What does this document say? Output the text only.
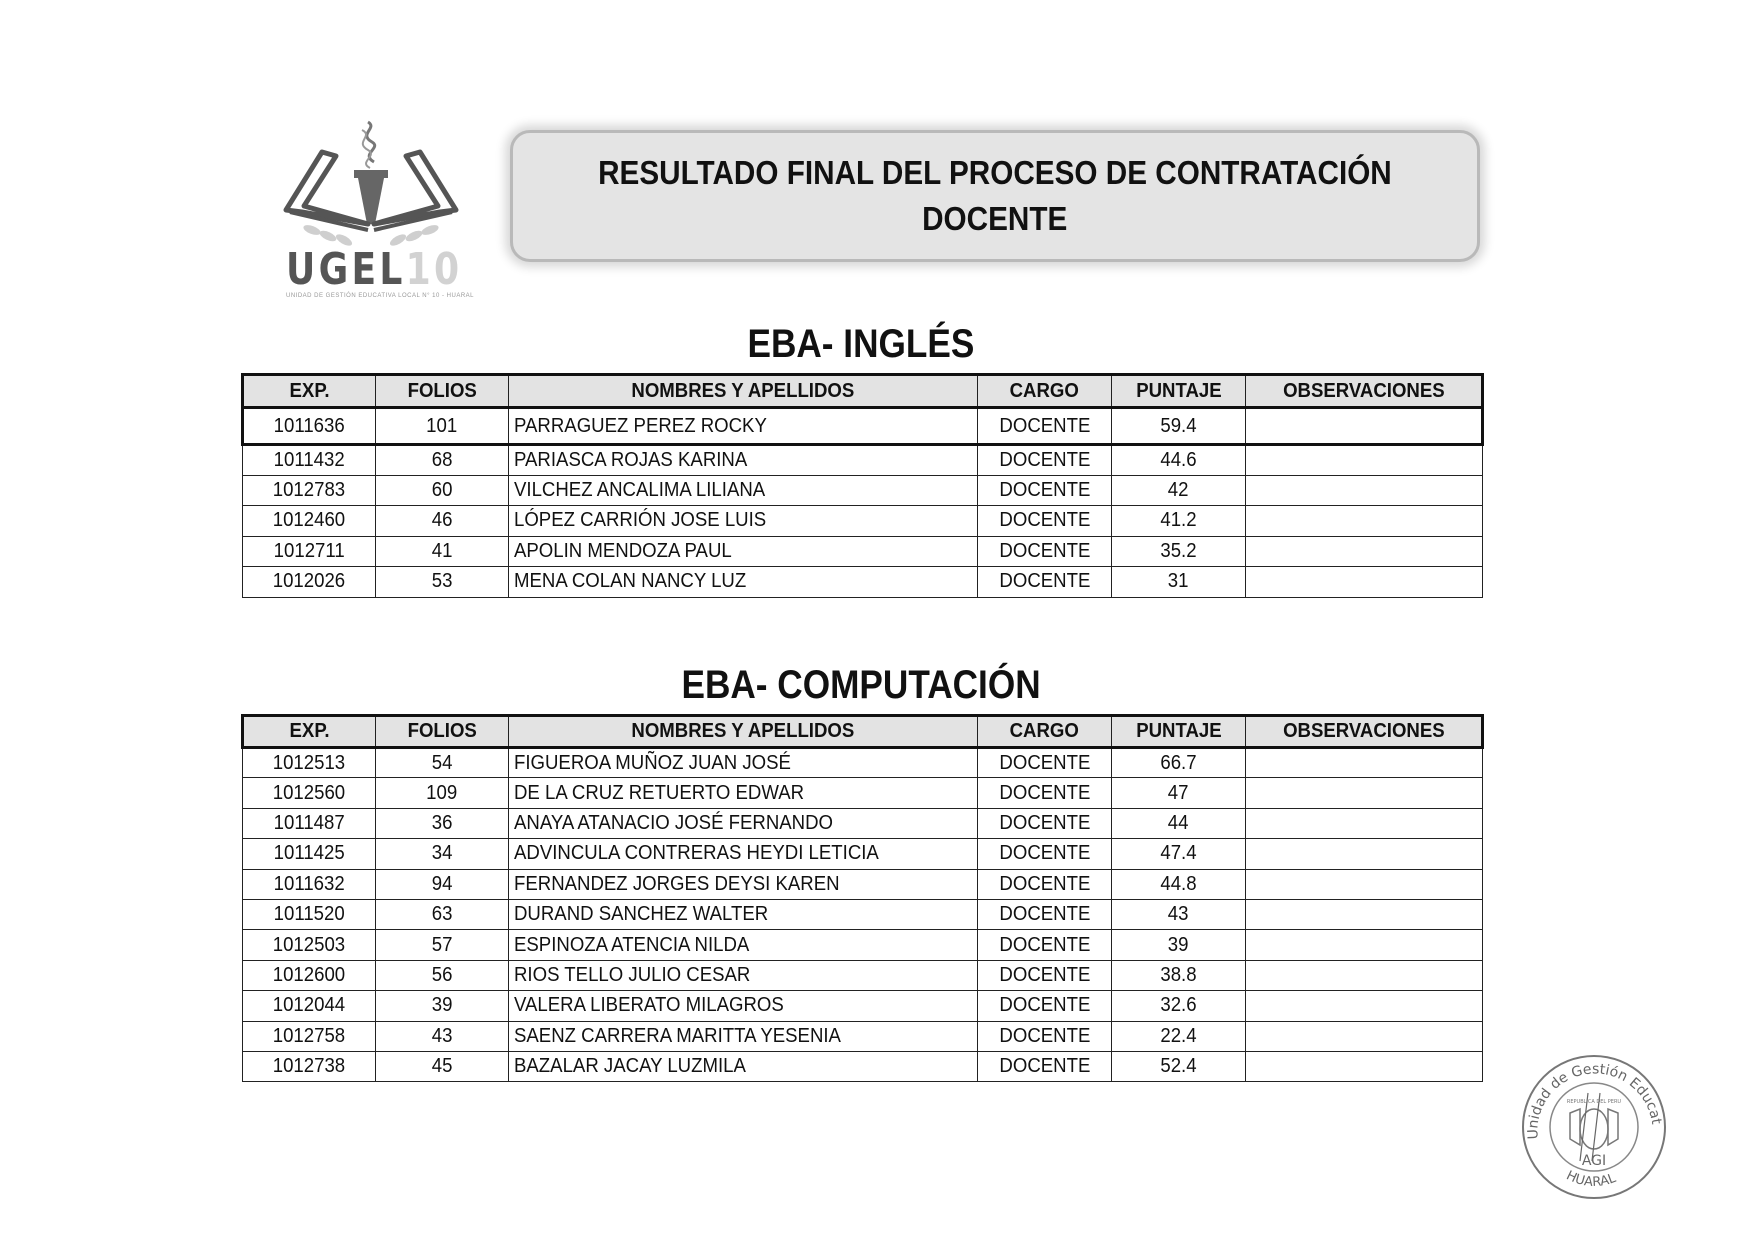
UGEL10
UNIDAD DE GESTIÓN EDUCATIVA LOCAL N° 10 - HUARAL
RESULTADO FINAL DEL PROCESO DE CONTRATACIÓN
DOCENTE
EBA- INGLÉS
EXP.	FOLIOS	NOMBRES Y APELLIDOS	CARGO	PUNTAJE	OBSERVACIONES
1011636	101	PARRAGUEZ PEREZ ROCKY	DOCENTE	59.4	
1011432	68	PARIASCA ROJAS KARINA	DOCENTE	44.6	
1012783	60	VILCHEZ ANCALIMA LILIANA	DOCENTE	42	
1012460	46	LÓPEZ CARRIÓN JOSE LUIS	DOCENTE	41.2	
1012711	41	APOLIN MENDOZA PAUL	DOCENTE	35.2	
1012026	53	MENA COLAN NANCY LUZ	DOCENTE	31	
EBA- COMPUTACIÓN
EXP.	FOLIOS	NOMBRES Y APELLIDOS	CARGO	PUNTAJE	OBSERVACIONES
1012513	54	FIGUEROA MUÑOZ JUAN JOSÉ	DOCENTE	66.7	
1012560	109	DE LA CRUZ RETUERTO EDWAR	DOCENTE	47	
1011487	36	ANAYA ATANACIO JOSÉ FERNANDO	DOCENTE	44	
1011425	34	ADVINCULA CONTRERAS HEYDI LETICIA	DOCENTE	47.4	
1011632	94	FERNANDEZ JORGES DEYSI KAREN	DOCENTE	44.8	
1011520	63	DURAND SANCHEZ WALTER	DOCENTE	43	
1012503	57	ESPINOZA ATENCIA NILDA	DOCENTE	39	
1012600	56	RIOS TELLO JULIO CESAR	DOCENTE	38.8	
1012044	39	VALERA LIBERATO MILAGROS	DOCENTE	32.6	
1012758	43	SAENZ CARRERA MARITTA YESENIA	DOCENTE	22.4	
1012738	45	BAZALAR JACAY LUZMILA	DOCENTE	52.4	
Unidad de Gestión Educat
HUARAL
REPUBLICA DEL PERU
AGI
